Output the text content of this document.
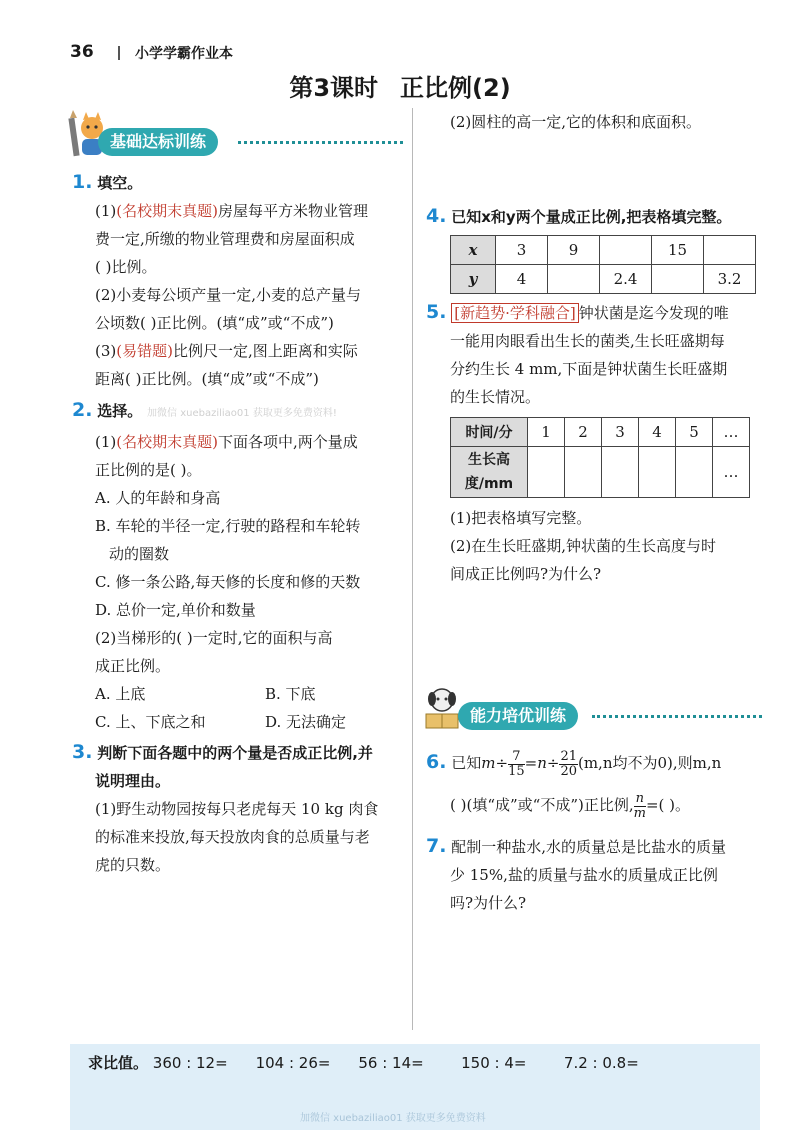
36	小学学霸作业本
第3课时 正比例(2)
基础达标训练
1. 填空。
(1)(名校期末真题)房屋每平方米物业管理
费一定,所缴的物业管理费和房屋面积成
( )比例。
(2)小麦每公顷产量一定,小麦的总产量与
公顷数( )正比例。(填“成”或“不成”)
(3)(易错题)比例尺一定,图上距离和实际
距离( )正比例。(填“成”或“不成”)
2. 选择。 加微信 xuebaziliao01 获取更多免费资料!
(1)(名校期末真题)下面各项中,两个量成
正比例的是( )。
A. 人的年龄和身高
B. 车轮的半径一定,行驶的路程和车轮转
动的圈数
C. 修一条公路,每天修的长度和修的天数
D. 总价一定,单价和数量
(2)当梯形的( )一定时,它的面积与高
成正比例。
A. 上底	B. 下底
C. 上、下底之和	D. 无法确定
3. 判断下面各题中的两个量是否成正比例,并
说明理由。
(1)野生动物园按每只老虎每天 10 kg 肉食
的标准来投放,每天投放肉食的总质量与老
虎的只数。
(2)圆柱的高一定,它的体积和底面积。
4. 已知x和y两个量成正比例,把表格填完整。
x	3	9		15	
y	4		2.4		3.2
5. [新趋势·学科融合] 钟状菌是迄今发现的唯
一能用肉眼看出生长的菌类,生长旺盛期每
分约生长 4 mm,下面是钟状菌生长旺盛期
的生长情况。
时间/分	1	2	3	4	5	…

生长高
度/mm						…
(1)把表格填写完整。
(2)在生长旺盛期,钟状菌的生长高度与时
间成正比例吗?为什么?
能力培优训练
6. 已知$m\div \frac{7}{15} =n\div \frac{21}{20} (m,n$均不为0),则m,n
( )(填“成”或“不成”)正比例, $\frac{n}{m}$ =( )。
7. 配制一种盐水,水的质量总是比盐水的质量
少 15%,盐的质量与盐水的质量成正比例
吗?为什么?
求比值。 360 : 12= 104 : 26= 56 : 14= 150 : 4= 7.2 : 0.8=
加微信 xuebaziliao01 获取更多免费资料
